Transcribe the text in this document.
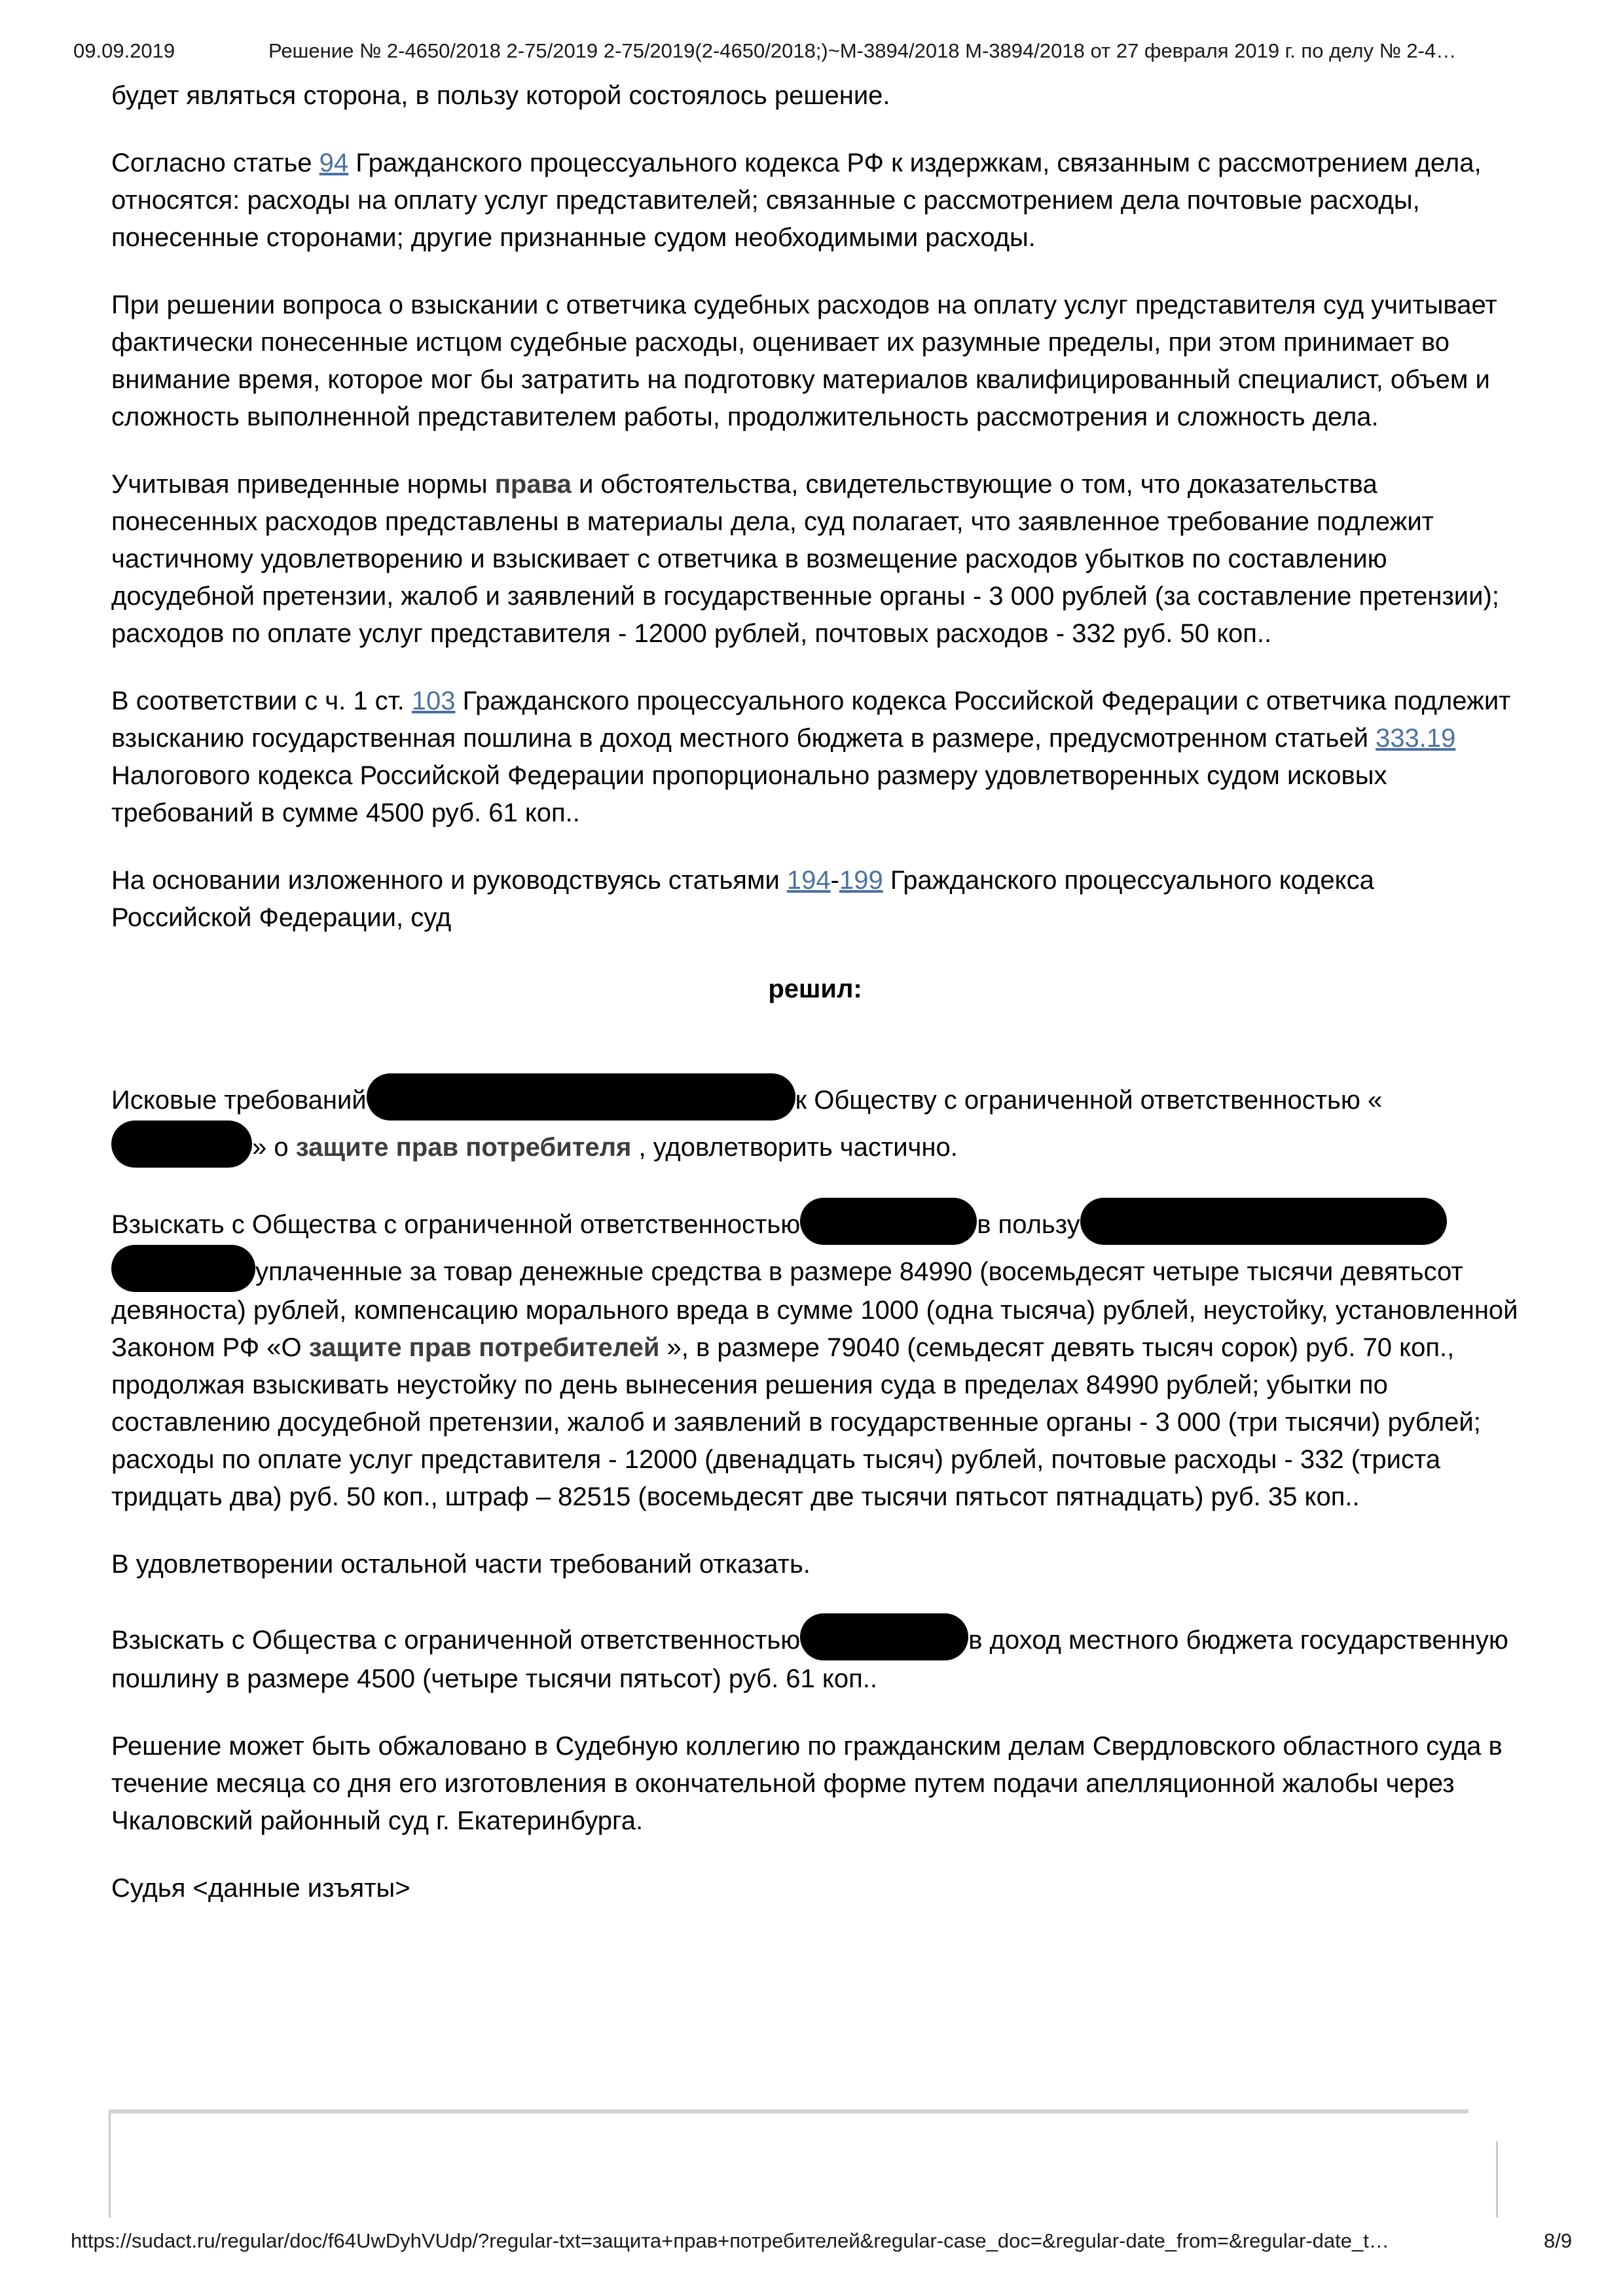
09.09.2019	Решение № 2-4650/2018 2-75/2019 2-75/2019(2-4650/2018;)~М-3894/2018 М-3894/2018 от 27 февраля 2019 г. по делу № 2-4…

будет являться сторона, в пользу которой состоялось решение.

Согласно статье 94 Гражданского процессуального кодекса РФ к издержкам, связанным с рассмотрением дела, относятся: расходы на оплату услуг представителей; связанные с рассмотрением дела почтовые расходы, понесенные сторонами; другие признанные судом необходимыми расходы.

При решении вопроса о взыскании с ответчика судебных расходов на оплату услуг представителя суд учитывает фактически понесенные истцом судебные расходы, оценивает их разумные пределы, при этом принимает во внимание время, которое мог бы затратить на подготовку материалов квалифицированный специалист, объем и сложность выполненной представителем работы, продолжительность рассмотрения и сложность дела.

Учитывая приведенные нормы права и обстоятельства, свидетельствующие о том, что доказательства понесенных расходов представлены в материалы дела, суд полагает, что заявленное требование подлежит частичному удовлетворению и взыскивает с ответчика в возмещение расходов убытков по составлению досудебной претензии, жалоб и заявлений в государственные органы - 3 000 рублей (за составление претензии); расходов по оплате услуг представителя - 12000 рублей, почтовых расходов - 332 руб. 50 коп..

В соответствии с ч. 1 ст. 103 Гражданского процессуального кодекса Российской Федерации с ответчика подлежит взысканию государственная пошлина в доход местного бюджета в размере, предусмотренном статьей 333.19 Налогового кодекса Российской Федерации пропорционально размеру удовлетворенных судом исковых требований в сумме 4500 руб. 61 коп..

На основании изложенного и руководствуясь статьями 194-199 Гражданского процессуального кодекса Российской Федерации, суд

решил:

Исковые требований	к Обществу с ограниченной ответственностью «» о защите прав потребителя , удовлетворить частично.

Взыскать с Общества с ограниченной ответственностью	в пользууплаченные за товар денежные средства в размере 84990 (восемьдесят четыре тысячи девятьсот девяноста) рублей, компенсацию морального вреда в сумме 1000 (одна тысяча) рублей, неустойку, установленной Законом РФ «О защите прав потребителей », в размере 79040 (семьдесят девять тысяч сорок) руб. 70 коп., продолжая взыскивать неустойку по день вынесения решения суда в пределах 84990 рублей; убытки по составлению досудебной претензии, жалоб и заявлений в государственные органы - 3 000 (три тысячи) рублей; расходы по оплате услуг представителя - 12000 (двенадцать тысяч) рублей, почтовые расходы - 332 (триста тридцать два) руб. 50 коп., штраф – 82515 (восемьдесят две тысячи пятьсот пятнадцать) руб. 35 коп..

В удовлетворении остальной части требований отказать.

Взыскать с Общества с ограниченной ответственностью	в доход местного бюджета государственную пошлину в размере 4500 (четыре тысячи пятьсот) руб. 61 коп..

Решение может быть обжаловано в Судебную коллегию по гражданским делам Свердловского областного суда в течение месяца со дня его изготовления в окончательной форме путем подачи апелляционной жалобы через Чкаловский районный суд г. Екатеринбурга.

Судья <данные изъяты>

https://sudact.ru/regular/doc/f64UwDyhVUdp/?regular-txt=защита+прав+потребителей&regular-case_doc=&regular-date_from=&regular-date_t…	8/9
